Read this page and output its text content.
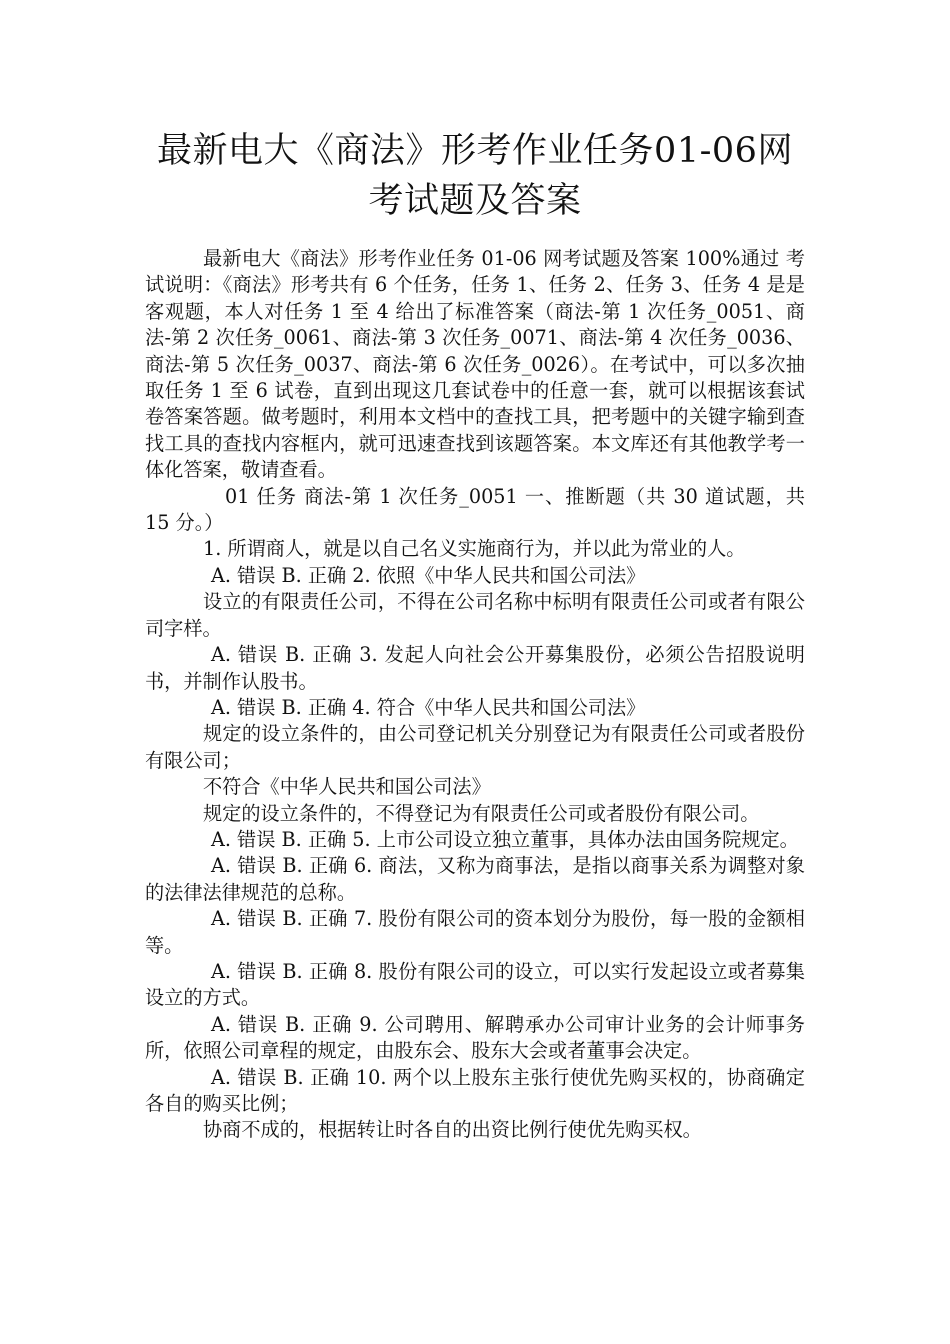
最新电大《商法》形考作业任务01-06网
考试题及答案

最新电大《商法》形考作业任务 01-06 网考试题及答案 100%通过 考试说明：《商法》形考共有 6 个任务，任务 1、任务 2、任务 3、任务 4 是是客观题，本人对任务 1 至 4 给出了标准答案（商法-第 1 次任务_0051、商法-第 2 次任务_0061、商法-第 3 次任务_0071、商法-第 4 次任务_0036、商法-第 5 次任务_0037、商法-第 6 次任务_0026）。在考试中，可以多次抽取任务 1 至 6 试卷，直到出现这几套试卷中的任意一套，就可以根据该套试卷答案答题。做考题时，利用本文档中的查找工具，把考题中的关键字输到查找工具的查找内容框内，就可迅速查找到该题答案。本文库还有其他教学考一体化答案，敬请查看。

01 任务 商法-第 1 次任务_0051 一、推断题（共 30 道试题，共 15 分。）

1. 所谓商人，就是以自己名义实施商行为，并以此为常业的人。

A. 错误 B. 正确 2. 依照《中华人民共和国公司法》

设立的有限责任公司，不得在公司名称中标明有限责任公司或者有限公司字样。

A. 错误 B. 正确 3. 发起人向社会公开募集股份，必须公告招股说明书，并制作认股书。

A. 错误 B. 正确 4. 符合《中华人民共和国公司法》

规定的设立条件的，由公司登记机关分别登记为有限责任公司或者股份有限公司；

不符合《中华人民共和国公司法》

规定的设立条件的，不得登记为有限责任公司或者股份有限公司。

A. 错误 B. 正确 5. 上市公司设立独立董事，具体办法由国务院规定。

A. 错误 B. 正确 6. 商法，又称为商事法，是指以商事关系为调整对象的法律法律规范的总称。

A. 错误 B. 正确 7. 股份有限公司的资本划分为股份，每一股的金额相等。

A. 错误 B. 正确 8. 股份有限公司的设立，可以实行发起设立或者募集设立的方式。

A. 错误 B. 正确 9. 公司聘用、解聘承办公司审计业务的会计师事务所，依照公司章程的规定，由股东会、股东大会或者董事会决定。

A. 错误 B. 正确 10. 两个以上股东主张行使优先购买权的，协商确定各自的购买比例；

协商不成的，根据转让时各自的出资比例行使优先购买权。
